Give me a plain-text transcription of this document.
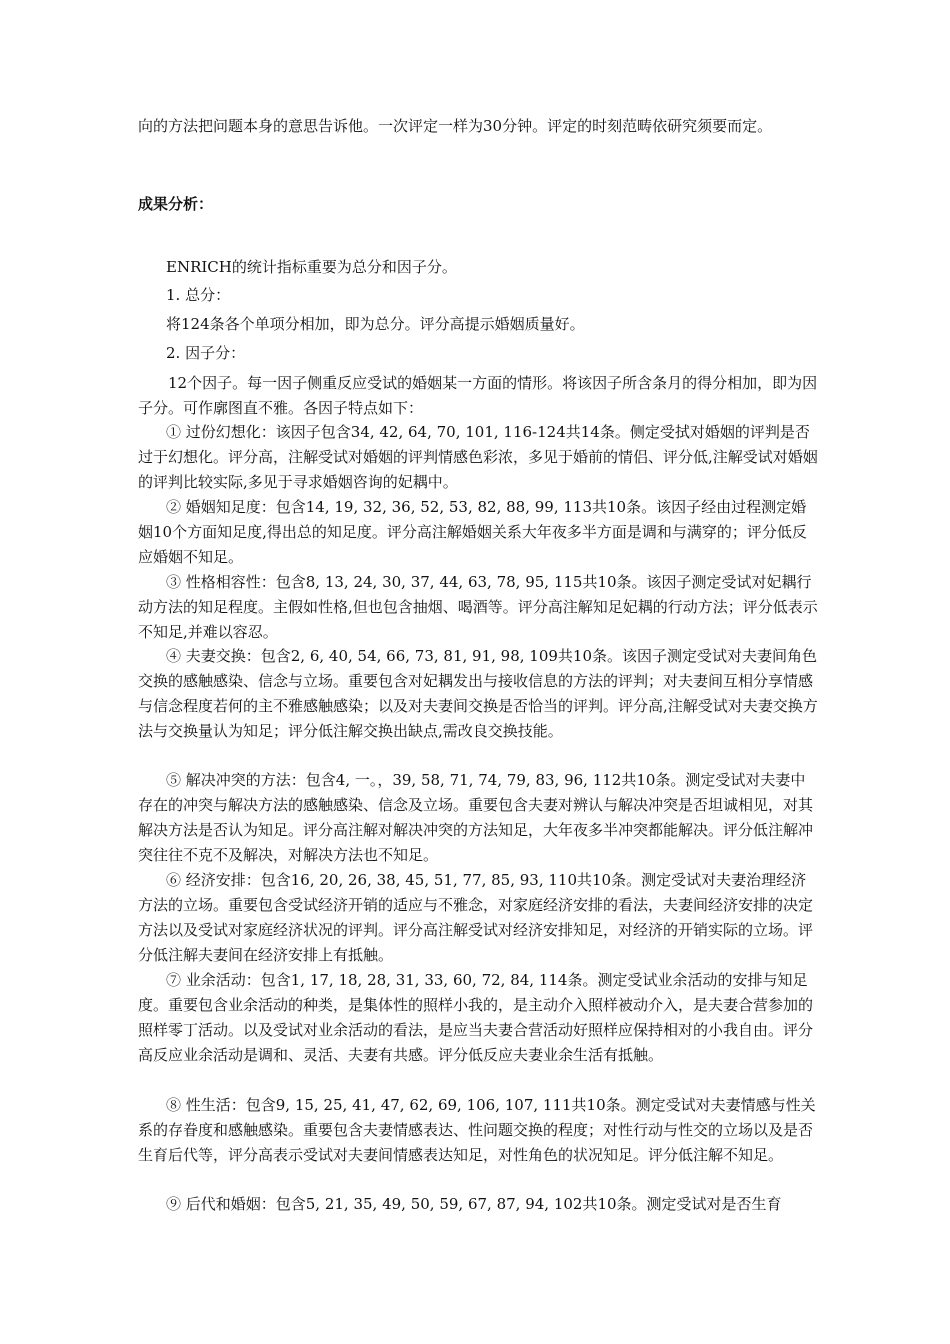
向的方法把问题本身的意思告诉他。一次评定一样为30分钟。评定的时刻范畴依研究须要而定。

成果分析：

ENRICH的统计指标重要为总分和因子分。

1. 总分：

将124条各个单项分相加，即为总分。评分高提示婚姻质量好。

2. 因子分：

12个因子。每一因子侧重反应受试的婚姻某一方面的情形。将该因子所含条月的得分相加，即为因子分。可作廓图直不雅。各因子特点如下：

① 过份幻想化：该因子包含34, 42, 64, 70, 101, 116-124共14条。侧定受拭对婚姻的评判是否过于幻想化。评分高，注解受试对婚姻的评判情感色彩浓，多见于婚前的情侣、评分低,注解受试对婚姻的评判比较实际,多见于寻求婚姻咨询的妃耦中。

② 婚姻知足度：包含14, 19, 32, 36, 52, 53, 82, 88, 99, 113共10条。该因子经由过程测定婚姻10个方面知足度,得出总的知足度。评分高注解婚姻关系大年夜多半方面是调和与满穿的；评分低反应婚姻不知足。

③ 性格相容性：包含8, 13, 24, 30, 37, 44, 63, 78, 95, 115共10条。该因子测定受试对妃耦行动方法的知足程度。主假如性格,但也包含抽烟、喝酒等。评分高注解知足妃耦的行动方法；评分低表示不知足,并难以容忍。

④ 夫妻交换：包含2, 6, 40, 54, 66, 73, 81, 91, 98, 109共10条。该因子测定受试对夫妻间角色交换的感触感染、信念与立场。重要包含对妃耦发出与接收信息的方法的评判；对夫妻间互相分享情感与信念程度若何的主不雅感触感染；以及对夫妻间交换是否恰当的评判。评分高,注解受试对夫妻交换方法与交换量认为知足；评分低注解交换出缺点,需改良交换技能。

⑤ 解决冲突的方法：包含4, 一。，39, 58, 71, 74, 79, 83, 96, 112共10条。测定受试对夫妻中存在的冲突与解决方法的感触感染、信念及立场。重要包含夫妻对辨认与解决冲突是否坦诚相见，对其解决方法是否认为知足。评分高注解对解决冲突的方法知足，大年夜多半冲突都能解决。评分低注解冲突往往不克不及解决，对解决方法也不知足。

⑥ 经济安排：包含16, 20, 26, 38, 45, 51, 77, 85, 93, 110共10条。测定受试对夫妻治理经济方法的立场。重要包含受试经济开销的适应与不雅念，对家庭经济安排的看法，夫妻间经济安排的决定方法以及受试对家庭经济状况的评判。评分高注解受试对经济安排知足，对经济的开销实际的立场。评分低注解夫妻间在经济安排上有抵触。

⑦ 业余活动：包含1, 17, 18, 28, 31, 33, 60, 72, 84, 114条。测定受试业余活动的安排与知足度。重要包含业余活动的种类，是集体性的照样小我的，是主动介入照样被动介入，是夫妻合营参加的照样零丁活动。以及受试对业余活动的看法，是应当夫妻合营活动好照样应保持相对的小我自由。评分高反应业余活动是调和、灵活、夫妻有共感。评分低反应夫妻业余生活有抵触。

⑧ 性生活：包含9, 15, 25, 41, 47, 62, 69, 106, 107, 111共10条。测定受试对夫妻情感与性关系的存眷度和感触感染。重要包含夫妻情感表达、性问题交换的程度；对性行动与性交的立场以及是否生育后代等，评分高表示受试对夫妻间情感表达知足，对性角色的状况知足。评分低注解不知足。

⑨ 后代和婚姻：包含5, 21, 35, 49, 50, 59, 67, 87, 94, 102共10条。测定受试对是否生育
